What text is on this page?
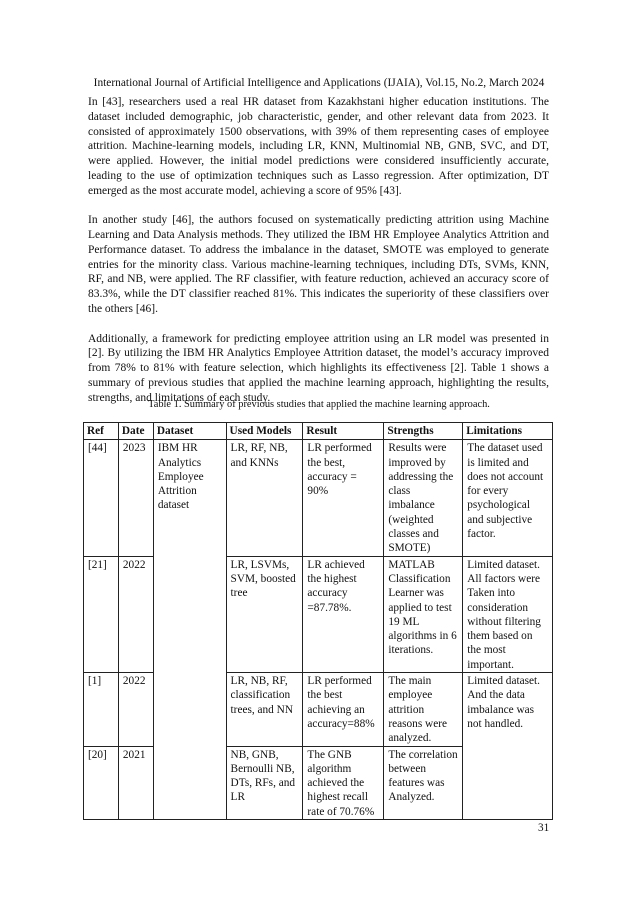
International Journal of Artificial Intelligence and Applications (IJAIA), Vol.15, No.2, March 2024

In [43], researchers used a real HR dataset from Kazakhstani higher education institutions. The dataset included demographic, job characteristic, gender, and other relevant data from 2023. It consisted of approximately 1500 observations, with 39% of them representing cases of employee attrition. Machine-learning models, including LR, KNN, Multinomial NB, GNB, SVC, and DT, were applied. However, the initial model predictions were considered insufficiently accurate, leading to the use of optimization techniques such as Lasso regression. After optimization, DT emerged as the most accurate model, achieving a score of 95% [43].

In another study [46], the authors focused on systematically predicting attrition using Machine Learning and Data Analysis methods. They utilized the IBM HR Employee Analytics Attrition and Performance dataset. To address the imbalance in the dataset, SMOTE was employed to generate entries for the minority class. Various machine-learning techniques, including DTs, SVMs, KNN, RF, and NB, were applied. The RF classifier, with feature reduction, achieved an accuracy score of 83.3%, while the DT classifier reached 81%. This indicates the superiority of these classifiers over the others [46].

Additionally, a framework for predicting employee attrition using an LR model was presented in [2]. By utilizing the IBM HR Analytics Employee Attrition dataset, the model’s accuracy improved from 78% to 81% with feature selection, which highlights its effectiveness [2]. Table 1 shows a summary of previous studies that applied the machine learning approach, highlighting the results, strengths, and limitations of each study.

Table 1. Summary of previous studies that applied the machine learning approach.
Ref	Date	Dataset	Used Models	Result	Strengths	Limitations
[44]	2023	IBM HR Analytics Employee Attrition dataset	LR, RF, NB, and KNNs	LR performed the best, accuracy = 90%	Results were improved by addressing the class imbalance (weighted classes and SMOTE)	The dataset used is limited and does not account for every psychological and subjective factor.
[21]	2022		LR, LSVMs, SVM, boosted tree	LR achieved the highest accuracy =87.78%.	MATLAB Classification Learner was applied to test 19 ML algorithms in 6 iterations.	Limited dataset. All factors were Taken into consideration without filtering them based on the most important.
[1]	2022		LR, NB, RF, classification trees, and NN	LR performed the best achieving an accuracy=88%	The main employee attrition reasons were analyzed.	Limited dataset. And the data imbalance was not handled.
[20]	2021		NB, GNB, Bernoulli NB, DTs, RFs, and LR	The GNB algorithm achieved the highest recall rate of 70.76%	The correlation between features was Analyzed.	
31
